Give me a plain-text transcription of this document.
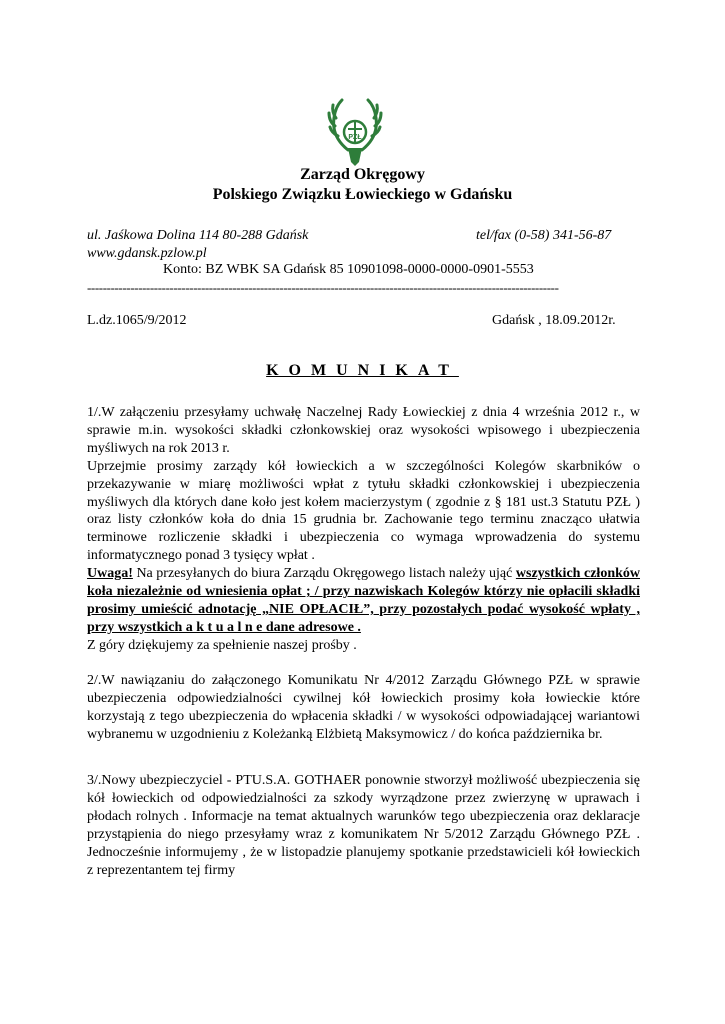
PZŁ
Zarząd Okręgowy
Polskiego Związku Łowieckiego w Gdańsku
ul. Jaśkowa Dolina 114 80-288 Gdańsk	tel/fax (0-58) 341-56-87
www.gdansk.pzlow.pl
Konto: BZ WBK SA Gdańsk 85 10901098-0000-0000-0901-5553
------------------------------------------------------------------------------------------------------------------------
L.dz.1065/9/2012	Gdańsk , 18.09.2012r.
KOMUNIKAT
1/.W załączeniu przesyłamy uchwałę Naczelnej Rady Łowieckiej z dnia 4 września 2012 r., w sprawie m.in. wysokości składki członkowskiej oraz wysokości wpisowego i ubezpieczenia myśliwych na rok 2013 r.
Uprzejmie prosimy zarządy kół łowieckich a w szczególności Kolegów skarbników o przekazywanie w miarę możliwości wpłat z tytułu składki członkowskiej i ubezpieczenia myśliwych dla których dane koło jest kołem macierzystym ( zgodnie z § 181 ust.3 Statutu PZŁ ) oraz listy członków koła do dnia 15 grudnia br. Zachowanie tego terminu znacząco ułatwia terminowe rozliczenie składki i ubezpieczenia co wymaga wprowadzenia do systemu informatycznego ponad 3 tysięcy wpłat .
Uwaga! Na przesyłanych do biura Zarządu Okręgowego listach należy ująć wszystkich członków koła niezależnie od wniesienia opłat ; / przy nazwiskach Kolegów którzy nie opłacili składki prosimy umieścić adnotację „NIE OPŁACIŁ”, przy pozostałych podać wysokość wpłaty , przy wszystkich a k t u a l n e dane adresowe .
Z góry dziękujemy za spełnienie naszej prośby .
2/.W nawiązaniu do załączonego Komunikatu Nr 4/2012 Zarządu Głównego PZŁ w sprawie ubezpieczenia odpowiedzialności cywilnej kół łowieckich prosimy koła łowieckie które korzystają z tego ubezpieczenia do wpłacenia składki / w wysokości odpowiadającej wariantowi wybranemu w uzgodnieniu z Koleżanką Elżbietą Maksymowicz / do końca października br.
3/.Nowy ubezpieczyciel - PTU.S.A. GOTHAER ponownie stworzył możliwość ubezpieczenia się kół łowieckich od odpowiedzialności za szkody wyrządzone przez zwierzynę w uprawach i płodach rolnych . Informacje na temat aktualnych warunków tego ubezpieczenia oraz deklaracje przystąpienia do niego przesyłamy wraz z komunikatem Nr 5/2012 Zarządu Głównego PZŁ . Jednocześnie informujemy , że w listopadzie planujemy spotkanie przedstawicieli kół łowieckich z reprezentantem tej firmy
